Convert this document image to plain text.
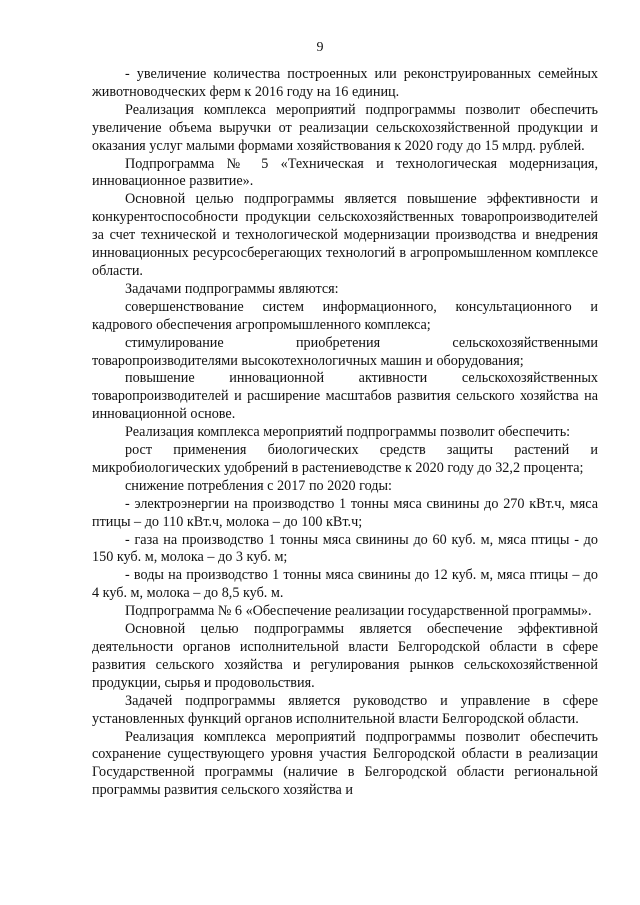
9

- увеличение количества построенных или реконструированных семейных животноводческих ферм к 2016 году на 16 единиц.

Реализация комплекса мероприятий подпрограммы позволит обеспечить увеличение объема выручки от реализации сельскохозяйственной продукции и оказания услуг малыми формами хозяйствования к 2020 году до 15 млрд. рублей.

Подпрограмма № 5 «Техническая и технологическая модернизация, инновационное развитие».

Основной целью подпрограммы является повышение эффективности и конкурентоспособности продукции сельскохозяйственных товаропроизводителей за счет технической и технологической модернизации производства и внедрения инновационных ресурсосберегающих технологий в агропромышленном комплексе области.

Задачами подпрограммы являются:

совершенствование систем информационного, консультационного и кадрового обеспечения агропромышленного комплекса;

стимулирование приобретения сельскохозяйственными товаропроизводителями высокотехнологичных машин и оборудования;

повышение инновационной активности сельскохозяйственных товаропроизводителей и расширение масштабов развития сельского хозяйства на инновационной основе.

Реализация комплекса мероприятий подпрограммы позволит обеспечить:

рост применения биологических средств защиты растений и микробиологических удобрений в растениеводстве к 2020 году до 32,2 процента;

снижение потребления с 2017 по 2020 годы:

- электроэнергии на производство 1 тонны мяса свинины до 270 кВт.ч, мяса птицы – до 110 кВт.ч, молока – до 100 кВт.ч;

- газа на производство 1 тонны мяса свинины до 60 куб. м, мяса птицы - до 150 куб. м, молока – до 3 куб. м;

- воды на производство 1 тонны мяса свинины до 12 куб. м, мяса птицы – до 4 куб. м, молока – до 8,5 куб. м.

Подпрограмма № 6 «Обеспечение реализации государственной программы».

Основной целью подпрограммы является обеспечение эффективной деятельности органов исполнительной власти Белгородской области в сфере развития сельского хозяйства и регулирования рынков сельскохозяйственной продукции, сырья и продовольствия.

Задачей подпрограммы является руководство и управление в сфере установленных функций органов исполнительной власти Белгородской области.

Реализация комплекса мероприятий подпрограммы позволит обеспечить сохранение существующего уровня участия Белгородской области в реализации Государственной программы (наличие в Белгородской области региональной программы развития сельского хозяйства и
